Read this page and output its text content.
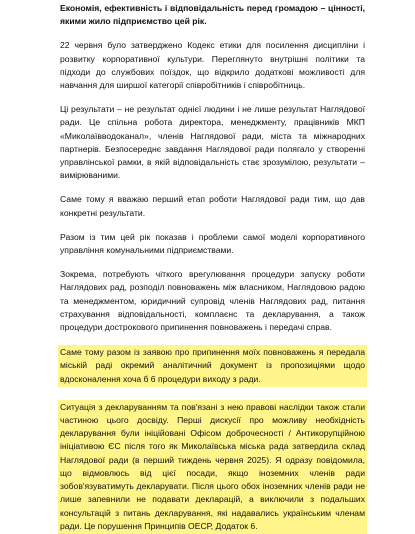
Економія, ефективність і відповідальність перед громадою – цінності, якими жило підприємство цей рік.

22 червня було затверджено Кодекс етики для посилення дисципліни і розвитку корпоративної культури. Переглянуто внутрішні політики та підходи до службових поїздок, що відкрило додаткові можливості для навчання для ширшої категорії співробітників і співробітниць.

Ці результати – не результат однієї людини і не лише результат Наглядової ради. Це спільна робота директора, менеджменту, працівників МКП «Миколаївводоканал», членів Наглядової ради, міста та міжнародних партнерів. Безпосереднє завдання Наглядової ради полягало у створенні управлінської рамки, в якій відповідальність стає зрозумілою, результати – вимірюваними.

Саме тому я вважаю перший етап роботи Наглядової ради тим, що дав конкретні результати.

Разом із тим цей рік показав і проблеми самої моделі корпоративного управління комунальними підприємствами.

Зокрема, потребують чіткого врегулювання процедури запуску роботи Наглядових рад, розподіл повноважень між власником, Наглядовою радою та менеджментом, юридичний супровід членів Наглядових рад, питання страхування відповідальності, комплаєнс та декларування, а також процедури дострокового припинення повноважень і передачі справ.

Саме тому разом із заявою про припинення моїх повноважень я передала міській раді окремий аналітичний документ із пропозиціями щодо вдосконалення хоча б 6 процедури виходу з ради.

Ситуація з декларуванням та пов'язані з нею правові наслідки також стали частиною цього досвіду. Перші дискусії про можливу необхідність декларування були ініційовані Офісом доброчесності / Антикорупційною ініціативою ЄС після того як Миколаївська міська рада затвердила склад Наглядової ради (в перший тиждень червня 2025). Я одразу повідомила, що відмовлюсь від цієї посади, якщо іноземних членів ради зобов'язуватимуть декларувати. Після цього обох іноземних членів ради не лише запевнили не подавати декларацій, а виключили з подальших консультацій з питань декларування, які надавались українським членам ради. Це порушення Принципів ОЕСР, Додаток 6.
